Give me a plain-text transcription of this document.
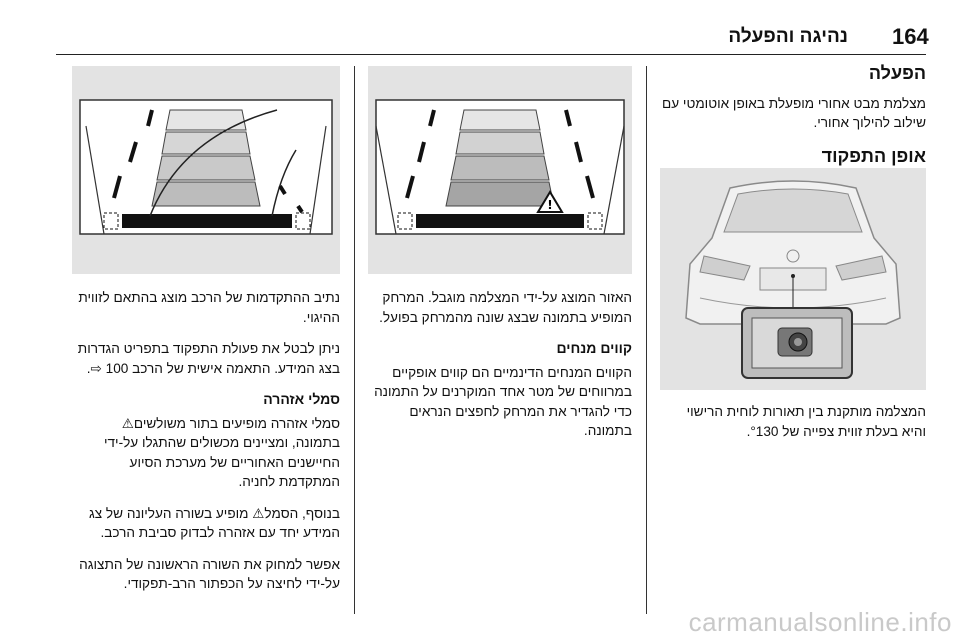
164
נהיגה והפעלה
הפעלה

מצלמת מבט אחורי מופעלת באופן אוטומטי עם שילוב להילוך אחורי.

אופן התפקוד

המצלמה מותקנת בין תאורות לוחית הרישוי והיא בעלת זווית צפייה של °130.

!

האזור המוצג על-ידי המצלמה מוגבל. המרחק המופיע בתמונה שבצג שונה מהמרחק בפועל.

קווים מנחים

הקווים המנחים הדינמיים הם קווים אופקיים במרווחים של מטר אחד המוקרנים על התמונה כדי להגדיר את המרחק לחפצים הנראים בתמונה.

נתיב ההתקדמות של הרכב מוצג בהתאם לזווית ההיגוי.

ניתן לבטל את פעולת התפקוד בתפריט הגדרות בצג המידע. התאמה אישית של הרכב 100 ⇨.

סמלי אזהרה

סמלי אזהרה מופיעים בתור משולשים⚠ בתמונה, ומציינים מכשולים שהתגלו על-ידי החיישנים האחוריים של מערכת הסיוע המתקדמת לחניה.

בנוסף, הסמל⚠ מופיע בשורה העליונה של צג המידע יחד עם אזהרה לבדוק סביבת הרכב.

אפשר למחוק את השורה הראשונה של התצוגה על-ידי לחיצה על הכפתור הרב-תפקודי.

carmanualsonline.info
